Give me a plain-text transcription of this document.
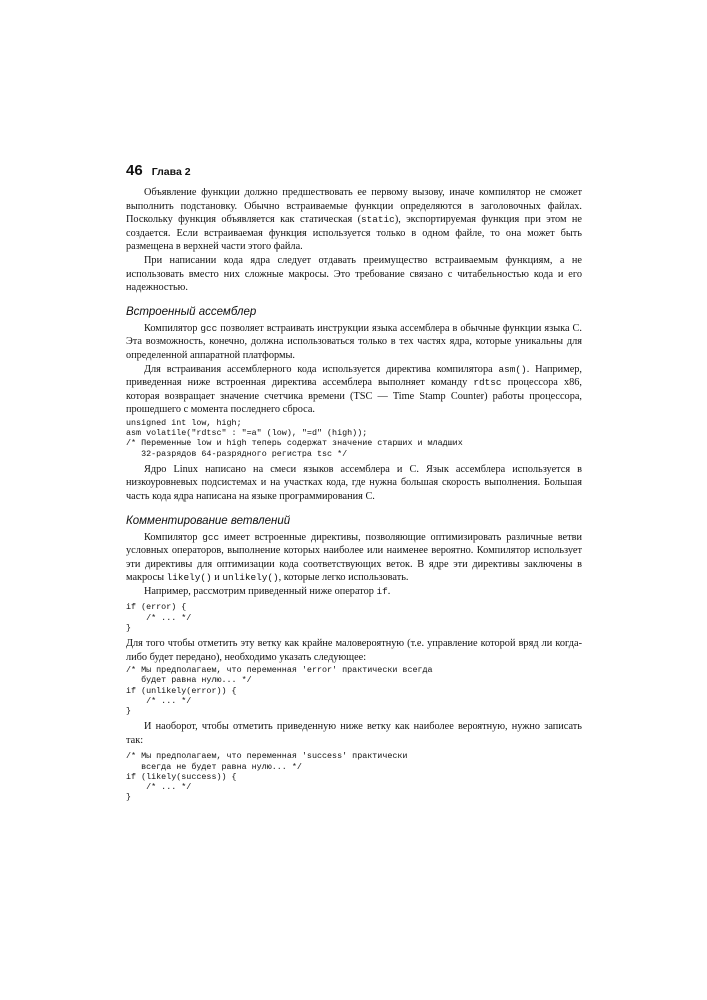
46 Глава 2

Объявление функции должно предшествовать ее первому вызову, иначе компилятор не сможет выполнить подстановку. Обычно встраиваемые функции определяются в заголовочных файлах. Поскольку функция объявляется как статическая (static), экспортируемая функция при этом не создается. Если встраиваемая функция используется только в одном файле, то она может быть размещена в верхней части этого файла.

При написании кода ядра следует отдавать преимущество встраиваемым функциям, а не использовать вместо них сложные макросы. Это требование связано с читабельностью кода и его надежностью.

Встроенный ассемблер

Компилятор gcc позволяет встраивать инструкции языка ассемблера в обычные функции языка С. Эта возможность, конечно, должна использоваться только в тех частях ядра, которые уникальны для определенной аппаратной платформы.

Для встраивания ассемблерного кода используется директива компилятора asm(). Например, приведенная ниже встроенная директива ассемблера выполняет команду rdtsc процессора x86, которая возвращает значение счетчика времени (TSC — Time Stamp Counter) работы процессора, прошедшего с момента последнего сброса.

unsigned int low, high;
asm volatile("rdtsc" : "=a" (low), "=d" (high));
/* Переменные low и high теперь содержат значение старших и младших
32-разрядов 64-разрядного регистра tsc */

Ядро Linux написано на смеси языков ассемблера и С. Язык ассемблера используется в низкоуровневых подсистемах и на участках кода, где нужна большая скорость выполнения. Большая часть кода ядра написана на языке программирования С.

Комментирование ветвлений

Компилятор gcc имеет встроенные директивы, позволяющие оптимизировать различные ветви условных операторов, выполнение которых наиболее или наименее вероятно. Компилятор использует эти директивы для оптимизации кода соответствующих веток. В ядре эти директивы заключены в макросы likely() и unlikely(), которые легко использовать.

Например, рассмотрим приведенный ниже оператор if.

if (error) {
/* ... */
}

Для того чтобы отметить эту ветку как крайне маловероятную (т.е. управление которой вряд ли когда-либо будет передано), необходимо указать следующее:

/* Мы предполагаем, что переменная 'error' практически всегда
будет равна нулю... */
if (unlikely(error)) {
/* ... */
}

И наоборот, чтобы отметить приведенную ниже ветку как наиболее вероятную, нужно записать так:

/* Мы предполагаем, что переменная 'success' практически
всегда не будет равна нулю... */
if (likely(success)) {
/* ... */
}
